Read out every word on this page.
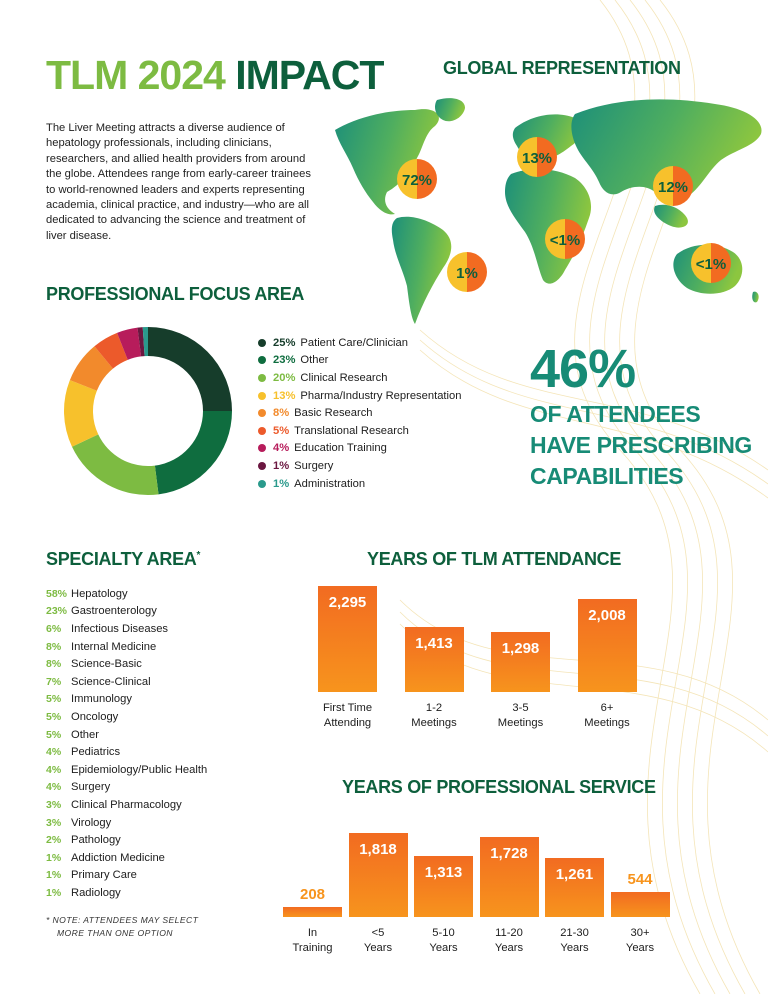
TLM 2024 IMPACT
The Liver Meeting attracts a diverse audience of hepatology professionals, including clinicians, researchers, and allied health providers from around the globe. Attendees range from early-career trainees to world-renowned leaders and experts representing academia, clinical practice, and industry—who are all dedicated to advancing the science and treatment of liver disease.
GLOBAL REPRESENTATION
72%
13%
12%
<1%
1%
<1%
PROFESSIONAL FOCUS AREA
25% Patient Care/Clinician
23% Other
20% Clinical Research
13% Pharma/Industry Representation
8% Basic Research
5% Translational Research
4% Education Training
1% Surgery
1% Administration
46%
OF ATTENDEES
HAVE PRESCRIBING
CAPABILITIES
SPECIALTY AREA*
58% Hepatology
23% Gastroenterology
6% Infectious Diseases
8% Internal Medicine
8% Science-Basic
7% Science-Clinical
5% Immunology
5% Oncology
5% Other
4% Pediatrics
4% Epidemiology/Public Health
4% Surgery
3% Clinical Pharmacology
3% Virology
2% Pathology
1% Addiction Medicine
1% Primary Care
1% Radiology
* NOTE: ATTENDEES MAY SELECT
MORE THAN ONE OPTION
YEARS OF TLM ATTENDANCE
2,295
First Time
Attending
1,413
1-2
Meetings
1,298
3-5
Meetings
2,008
6+
Meetings
YEARS OF PROFESSIONAL SERVICE
208
In
Training
1,818
<5
Years
1,313
5-10
Years
1,728
11-20
Years
1,261
21-30
Years
544
30+
Years
